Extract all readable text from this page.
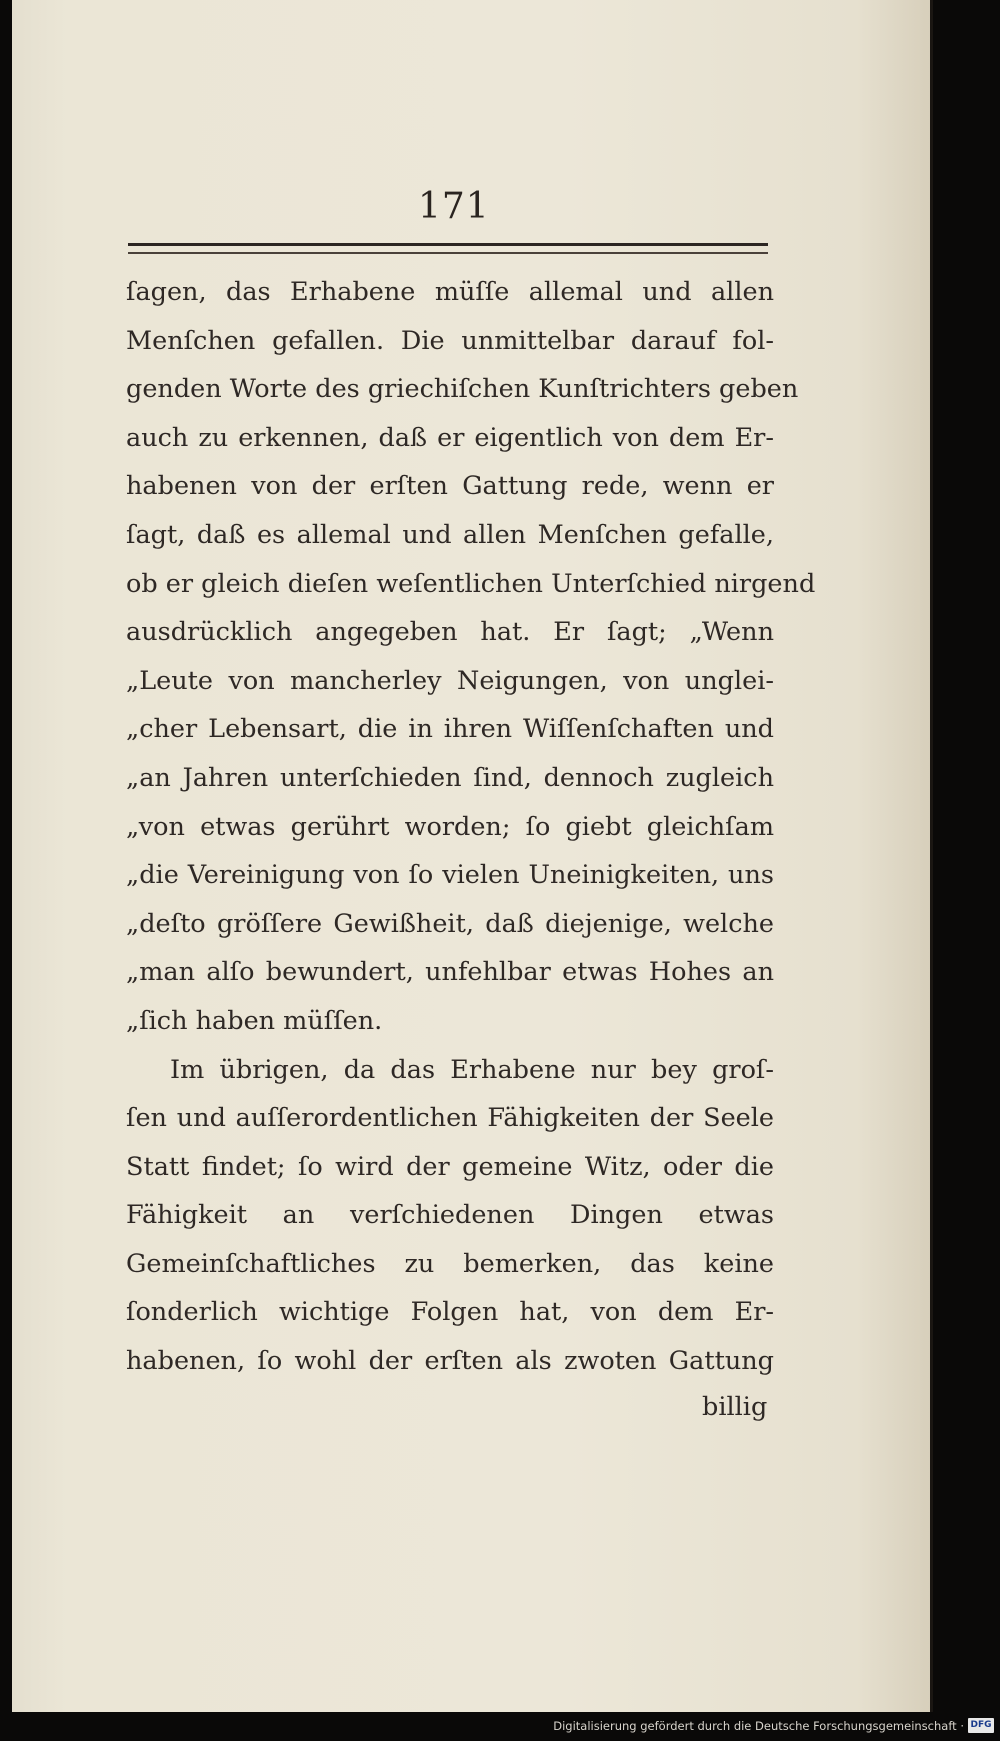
171
ſagen, das Erhabene müſſe allemal und allen
Menſchen gefallen. Die unmittelbar darauf fol-
genden Worte des griechiſchen Kunſtrichters geben
auch zu erkennen, daß er eigentlich von dem Er-
habenen von der erſten Gattung rede, wenn er
ſagt, daß es allemal und allen Menſchen gefalle,
ob er gleich dieſen weſentlichen Unterſchied nirgend
ausdrücklich angegeben hat. Er ſagt; „Wenn
„Leute von mancherley Neigungen, von unglei-
„cher Lebensart, die in ihren Wiſſenſchaften und
„an Jahren unterſchieden ſind, dennoch zugleich
„von etwas gerührt worden; ſo giebt gleichſam
„die Vereinigung von ſo vielen Uneinigkeiten, uns
„deſto gröſſere Gewißheit, daß diejenige, welche
„man alſo bewundert, unfehlbar etwas Hohes an
„ſich haben müſſen.
Im übrigen, da das Erhabene nur bey groſ-
ſen und auſſerordentlichen Fähigkeiten der Seele
Statt findet; ſo wird der gemeine Witz, oder die
Fähigkeit an verſchiedenen Dingen etwas
Gemeinſchaftliches zu bemerken, das keine
ſonderlich wichtige Folgen hat, von dem Er-
habenen, ſo wohl der erſten als zwoten Gattung
billig
Digitalisierung gefördert durch die Deutsche Forschungsgemeinschaft · DFG
